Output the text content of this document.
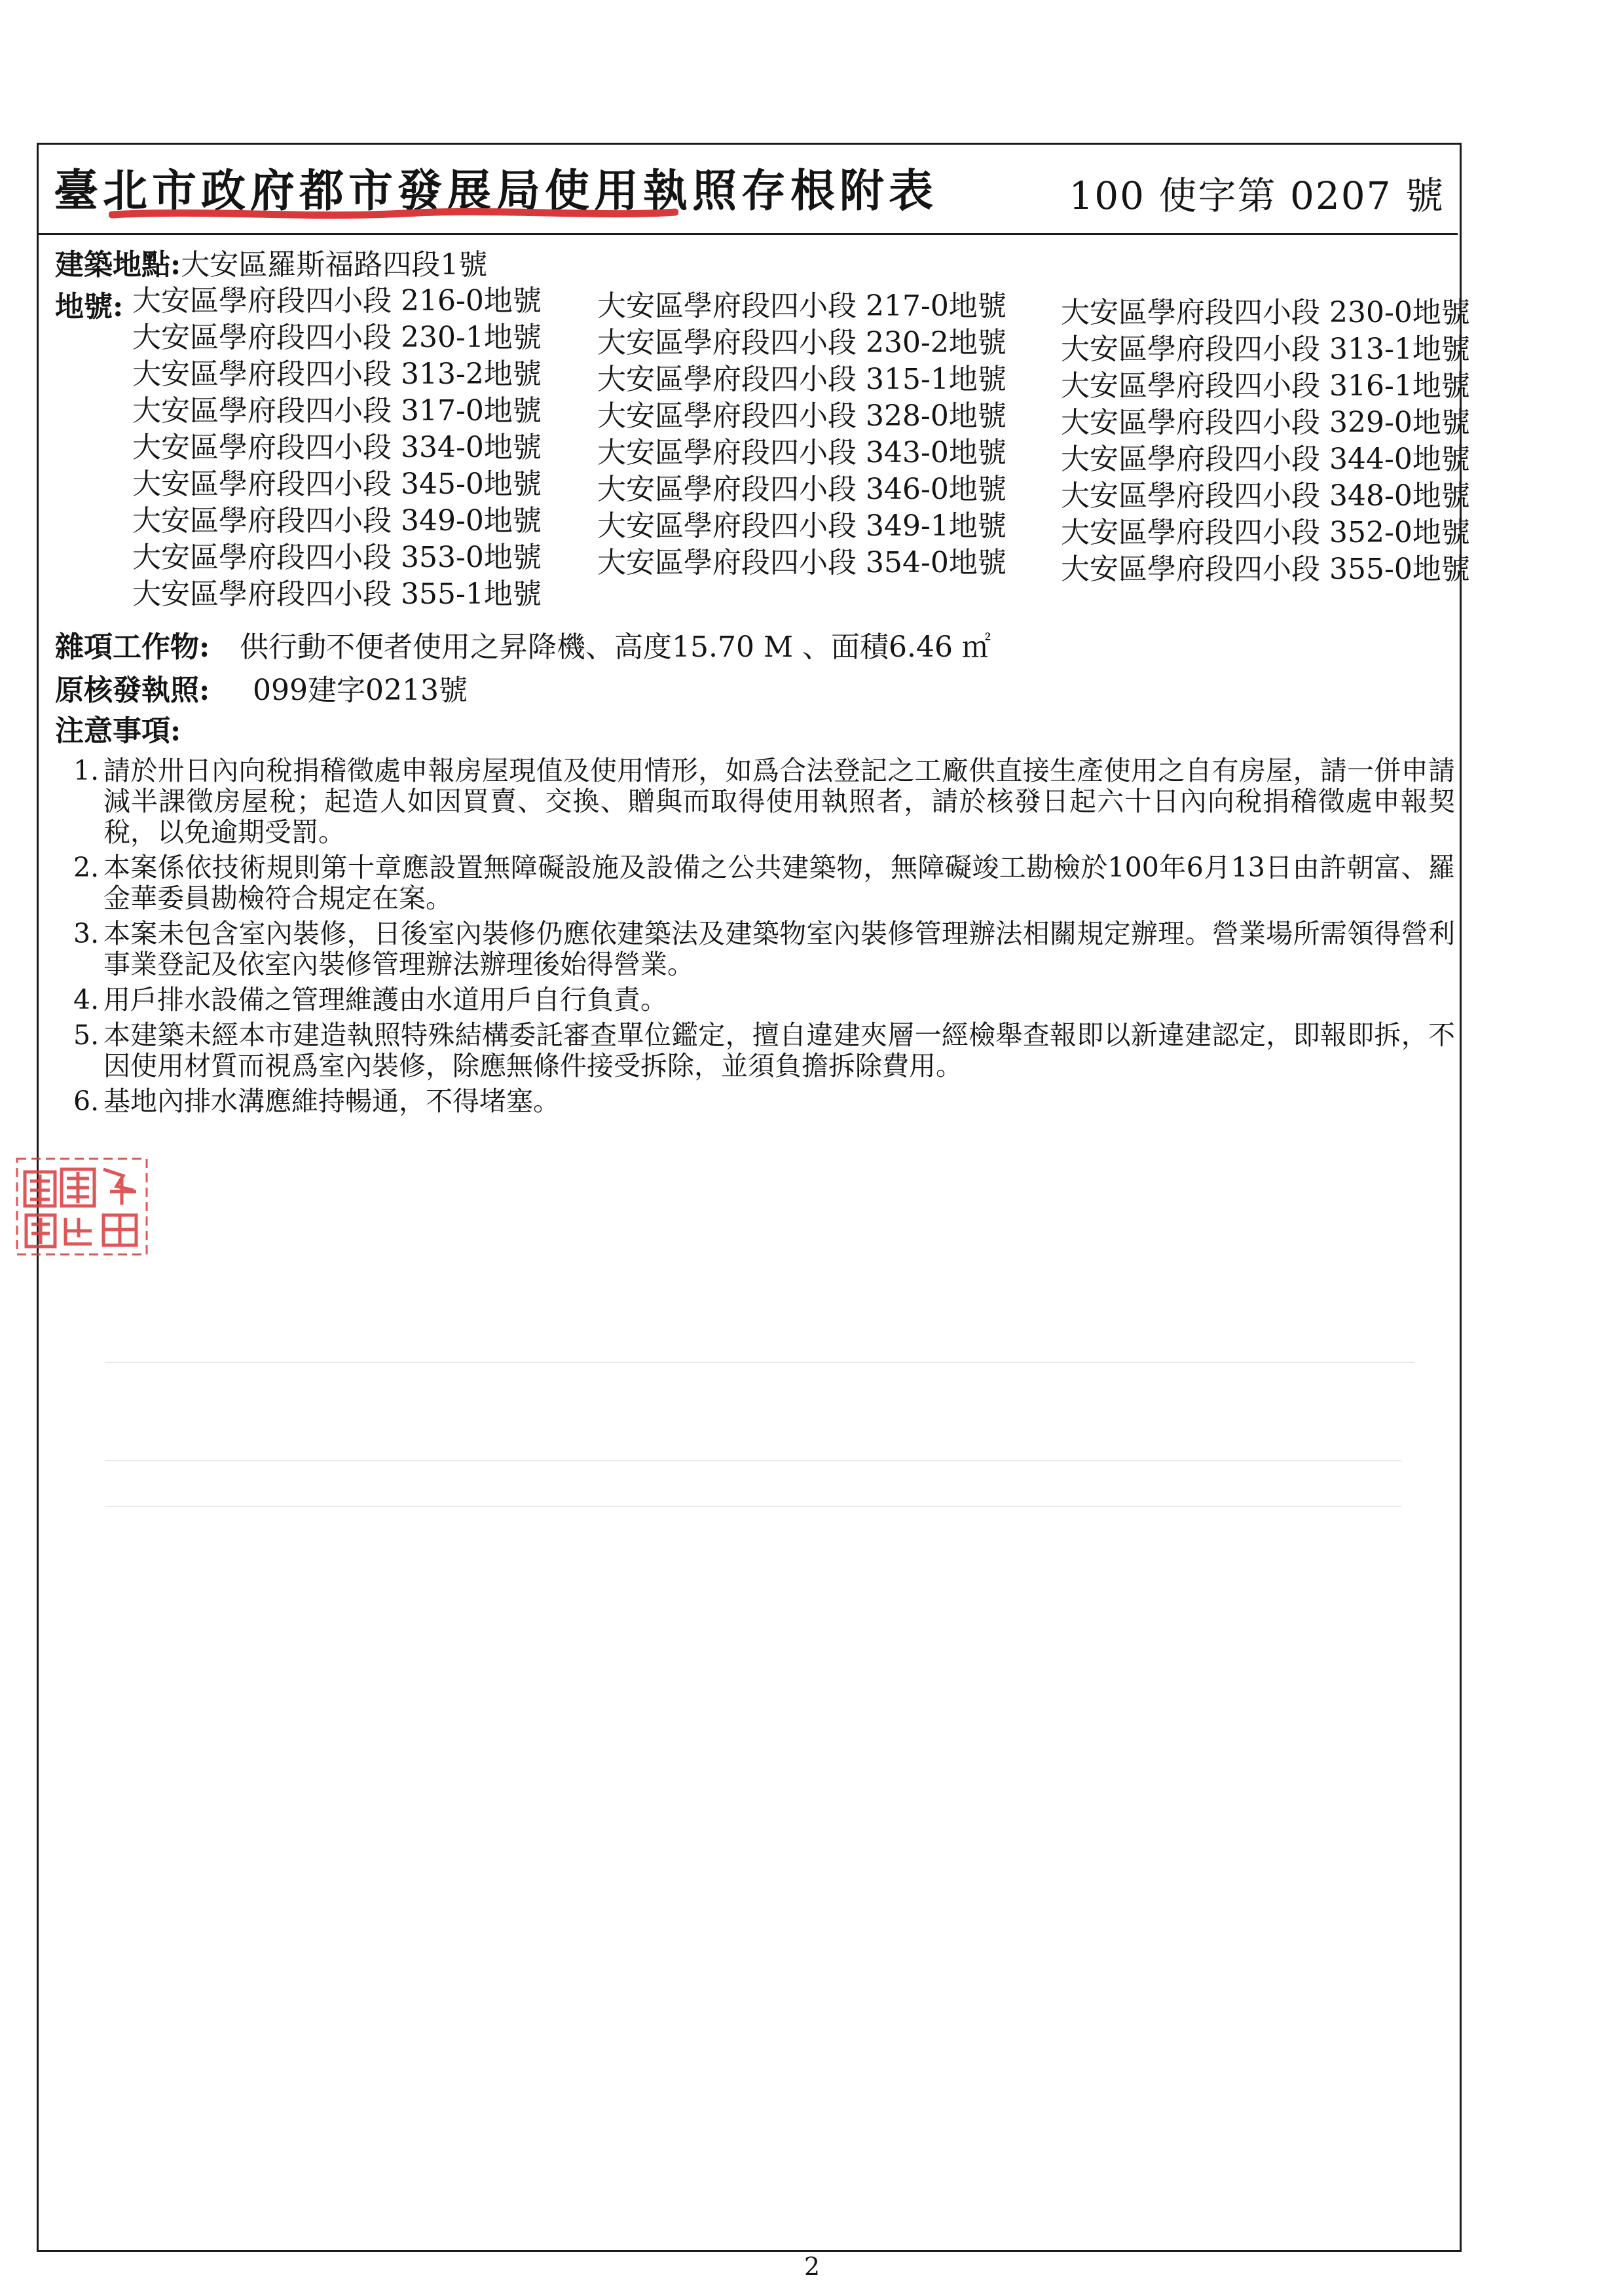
臺北市政府都市發展局使用執照存根附表	100 使字第 0207 號
建築地點:大安區羅斯福路四段1號
地號: 大安區學府段四小段 216-0地號
大安區學府段四小段 230-1地號
大安區學府段四小段 313-2地號
大安區學府段四小段 317-0地號
大安區學府段四小段 334-0地號
大安區學府段四小段 345-0地號
大安區學府段四小段 349-0地號
大安區學府段四小段 353-0地號
大安區學府段四小段 355-1地號
大安區學府段四小段 217-0地號
大安區學府段四小段 230-2地號
大安區學府段四小段 315-1地號
大安區學府段四小段 328-0地號
大安區學府段四小段 343-0地號
大安區學府段四小段 346-0地號
大安區學府段四小段 349-1地號
大安區學府段四小段 354-0地號
大安區學府段四小段 230-0地號
大安區學府段四小段 313-1地號
大安區學府段四小段 316-1地號
大安區學府段四小段 329-0地號
大安區學府段四小段 344-0地號
大安區學府段四小段 348-0地號
大安區學府段四小段 352-0地號
大安區學府段四小段 355-0地號
雜項工作物: 供行動不便者使用之昇降機、高度15.70 M 、面積6.46 ㎡
原核發執照: 099建字0213號
注意事項:
1. 請於卅日內向稅捐稽徵處申報房屋現值及使用情形，如爲合法登記之工廠供直接生產使用之自有房屋，請一併申請減半課徵房屋稅；起造人如因買賣、交換、贈與而取得使用執照者，請於核發日起六十日內向稅捐稽徵處申報契稅，以免逾期受罰。
2. 本案係依技術規則第十章應設置無障礙設施及設備之公共建築物，無障礙竣工勘檢於100年6月13日由許朝富、羅金華委員勘檢符合規定在案。
3. 本案未包含室內裝修，日後室內裝修仍應依建築法及建築物室內裝修管理辦法相關規定辦理。營業場所需領得營利事業登記及依室內裝修管理辦法辦理後始得營業。
4. 用戶排水設備之管理維護由水道用戶自行負責。
5. 本建築未經本市建造執照特殊結構委託審查單位鑑定，擅自違建夾層一經檢舉查報即以新違建認定，即報即拆，不因使用材質而視爲室內裝修，除應無條件接受拆除，並須負擔拆除費用。
6. 基地內排水溝應維持暢通，不得堵塞。
2
